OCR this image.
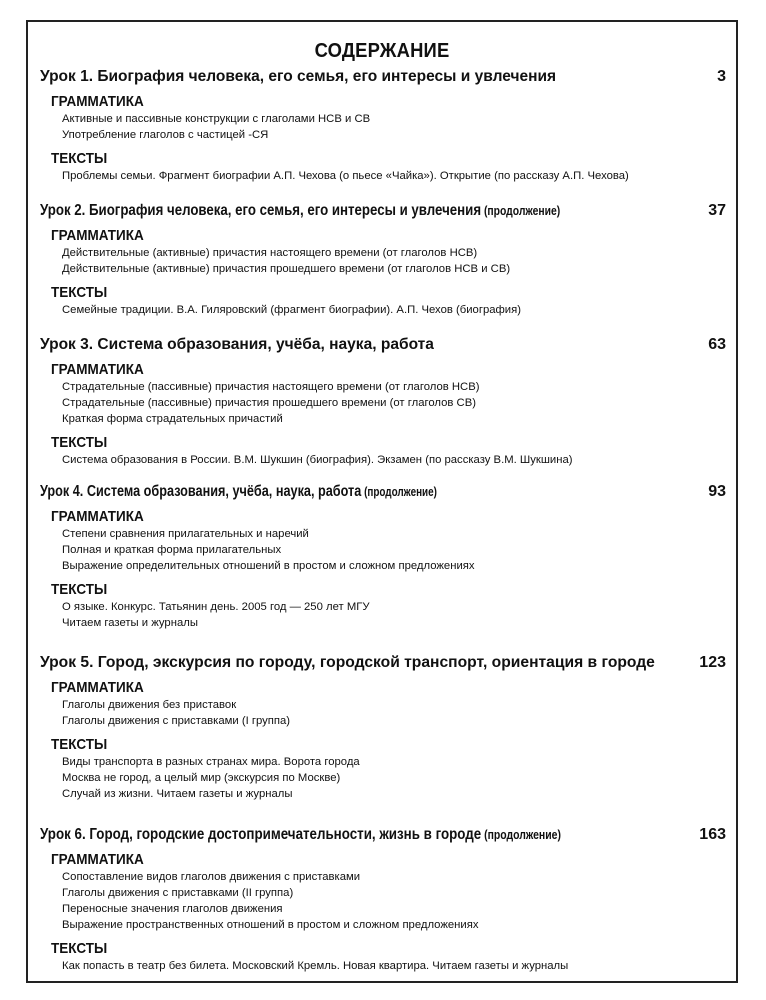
СОДЕРЖАНИЕ
Урок 1. Биография человека, его семья, его интересы и увлечения	3
ГРАММАТИКА
Активные и пассивные конструкции с глаголами НСВ и СВ
Употребление глаголов с частицей -СЯ
ТЕКСТЫ
Проблемы семьи. Фрагмент биографии А.П. Чехова (о пьесе «Чайка»). Открытие (по рассказу А.П. Чехова)
Урок 2. Биография человека, его семья, его интересы и увлечения (продолжение)	37
ГРАММАТИКА
Действительные (активные) причастия настоящего времени (от глаголов НСВ)
Действительные (активные) причастия прошедшего времени (от глаголов НСВ и СВ)
ТЕКСТЫ
Семейные традиции. В.А. Гиляровский (фрагмент биографии). А.П. Чехов (биография)
Урок 3. Система образования, учёба, наука, работа	63
ГРАММАТИКА
Страдательные (пассивные) причастия настоящего времени (от глаголов НСВ)
Страдательные (пассивные) причастия прошедшего времени (от глаголов СВ)
Краткая форма страдательных причастий
ТЕКСТЫ
Система образования в России. В.М. Шукшин (биография). Экзамен (по рассказу В.М. Шукшина)
Урок 4. Система образования, учёба, наука, работа (продолжение)	93
ГРАММАТИКА
Степени сравнения прилагательных и наречий
Полная и краткая форма прилагательных
Выражение определительных отношений в простом и сложном предложениях
ТЕКСТЫ
О языке. Конкурс. Татьянин день. 2005 год — 250 лет МГУ
Читаем газеты и журналы
Урок 5. Город, экскурсия по городу, городской транспорт, ориентация в городе	123
ГРАММАТИКА
Глаголы движения без приставок
Глаголы движения с приставками (I группа)
ТЕКСТЫ
Виды транспорта в разных странах мира. Ворота города
Москва не город, а целый мир (экскурсия по Москве)
Случай из жизни. Читаем газеты и журналы
Урок 6. Город, городские достопримечательности, жизнь в городе (продолжение)	163
ГРАММАТИКА
Сопоставление видов глаголов движения с приставками
Глаголы движения с приставками (II группа)
Переносные значения глаголов движения
Выражение пространственных отношений в простом и сложном предложениях
ТЕКСТЫ
Как попасть в театр без билета. Московский Кремль. Новая квартира. Читаем газеты и журналы
